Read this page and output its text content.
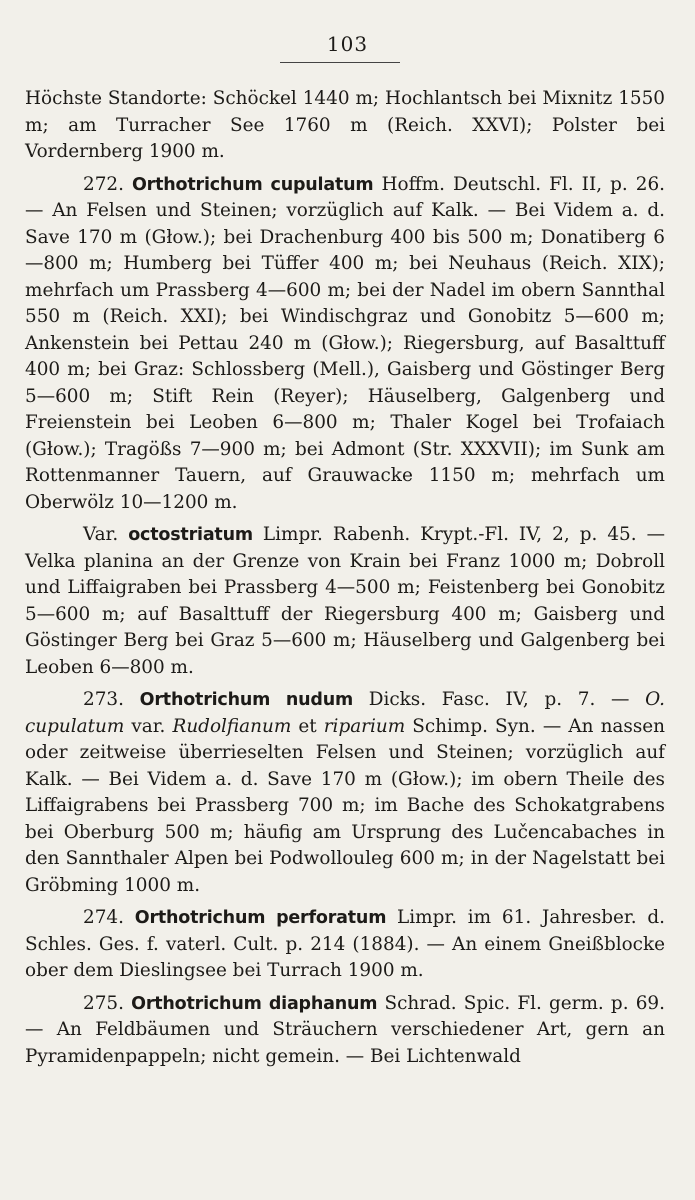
103

Höchste Standorte: Schöckel 1440 m; Hochlantsch bei Mixnitz 1550 m; am Turracher See 1760 m (Reich. XXVI); Polster bei Vordernberg 1900 m.

272. Orthotrichum cupulatum Hoffm. Deutschl. Fl. II, p. 26. — An Felsen und Steinen; vorzüglich auf Kalk. — Bei Videm a. d. Save 170 m (Głow.); bei Drachenburg 400 bis 500 m; Donatiberg 6—800 m; Humberg bei Tüffer 400 m; bei Neuhaus (Reich. XIX); mehrfach um Prassberg 4—600 m; bei der Nadel im obern Sannthal 550 m (Reich. XXI); bei Windischgraz und Gonobitz 5—600 m; Ankenstein bei Pettau 240 m (Głow.); Riegersburg, auf Basalttuff 400 m; bei Graz: Schlossberg (Mell.), Gaisberg und Göstinger Berg 5—600 m; Stift Rein (Reyer); Häuselberg, Galgenberg und Freienstein bei Leoben 6—800 m; Thaler Kogel bei Trofaiach (Głow.); Tragößs 7—900 m; bei Admont (Str. XXXVII); im Sunk am Rottenmanner Tauern, auf Grauwacke 1150 m; mehrfach um Oberwölz 10—1200 m.

Var. octostriatum Limpr. Rabenh. Krypt.-Fl. IV, 2, p. 45. — Velka planina an der Grenze von Krain bei Franz 1000 m; Dobroll und Liffaigraben bei Prassberg 4—500 m; Feistenberg bei Gonobitz 5—600 m; auf Basalttuff der Riegersburg 400 m; Gaisberg und Göstinger Berg bei Graz 5—600 m; Häuselberg und Galgenberg bei Leoben 6—800 m.

273. Orthotrichum nudum Dicks. Fasc. IV, p. 7. — O. cupulatum var. Rudolfianum et riparium Schimp. Syn. — An nassen oder zeitweise überrieselten Felsen und Steinen; vorzüglich auf Kalk. — Bei Videm a. d. Save 170 m (Głow.); im obern Theile des Liffaigrabens bei Prassberg 700 m; im Bache des Schokatgrabens bei Oberburg 500 m; häufig am Ursprung des Lučencabaches in den Sannthaler Alpen bei Podwollouleg 600 m; in der Nagelstatt bei Gröbming 1000 m.

274. Orthotrichum perforatum Limpr. im 61. Jahresber. d. Schles. Ges. f. vaterl. Cult. p. 214 (1884). — An einem Gneißblocke ober dem Dieslingsee bei Turrach 1900 m.

275. Orthotrichum diaphanum Schrad. Spic. Fl. germ. p. 69. — An Feldbäumen und Sträuchern verschiedener Art, gern an Pyramidenpappeln; nicht gemein. — Bei Lichtenwald
